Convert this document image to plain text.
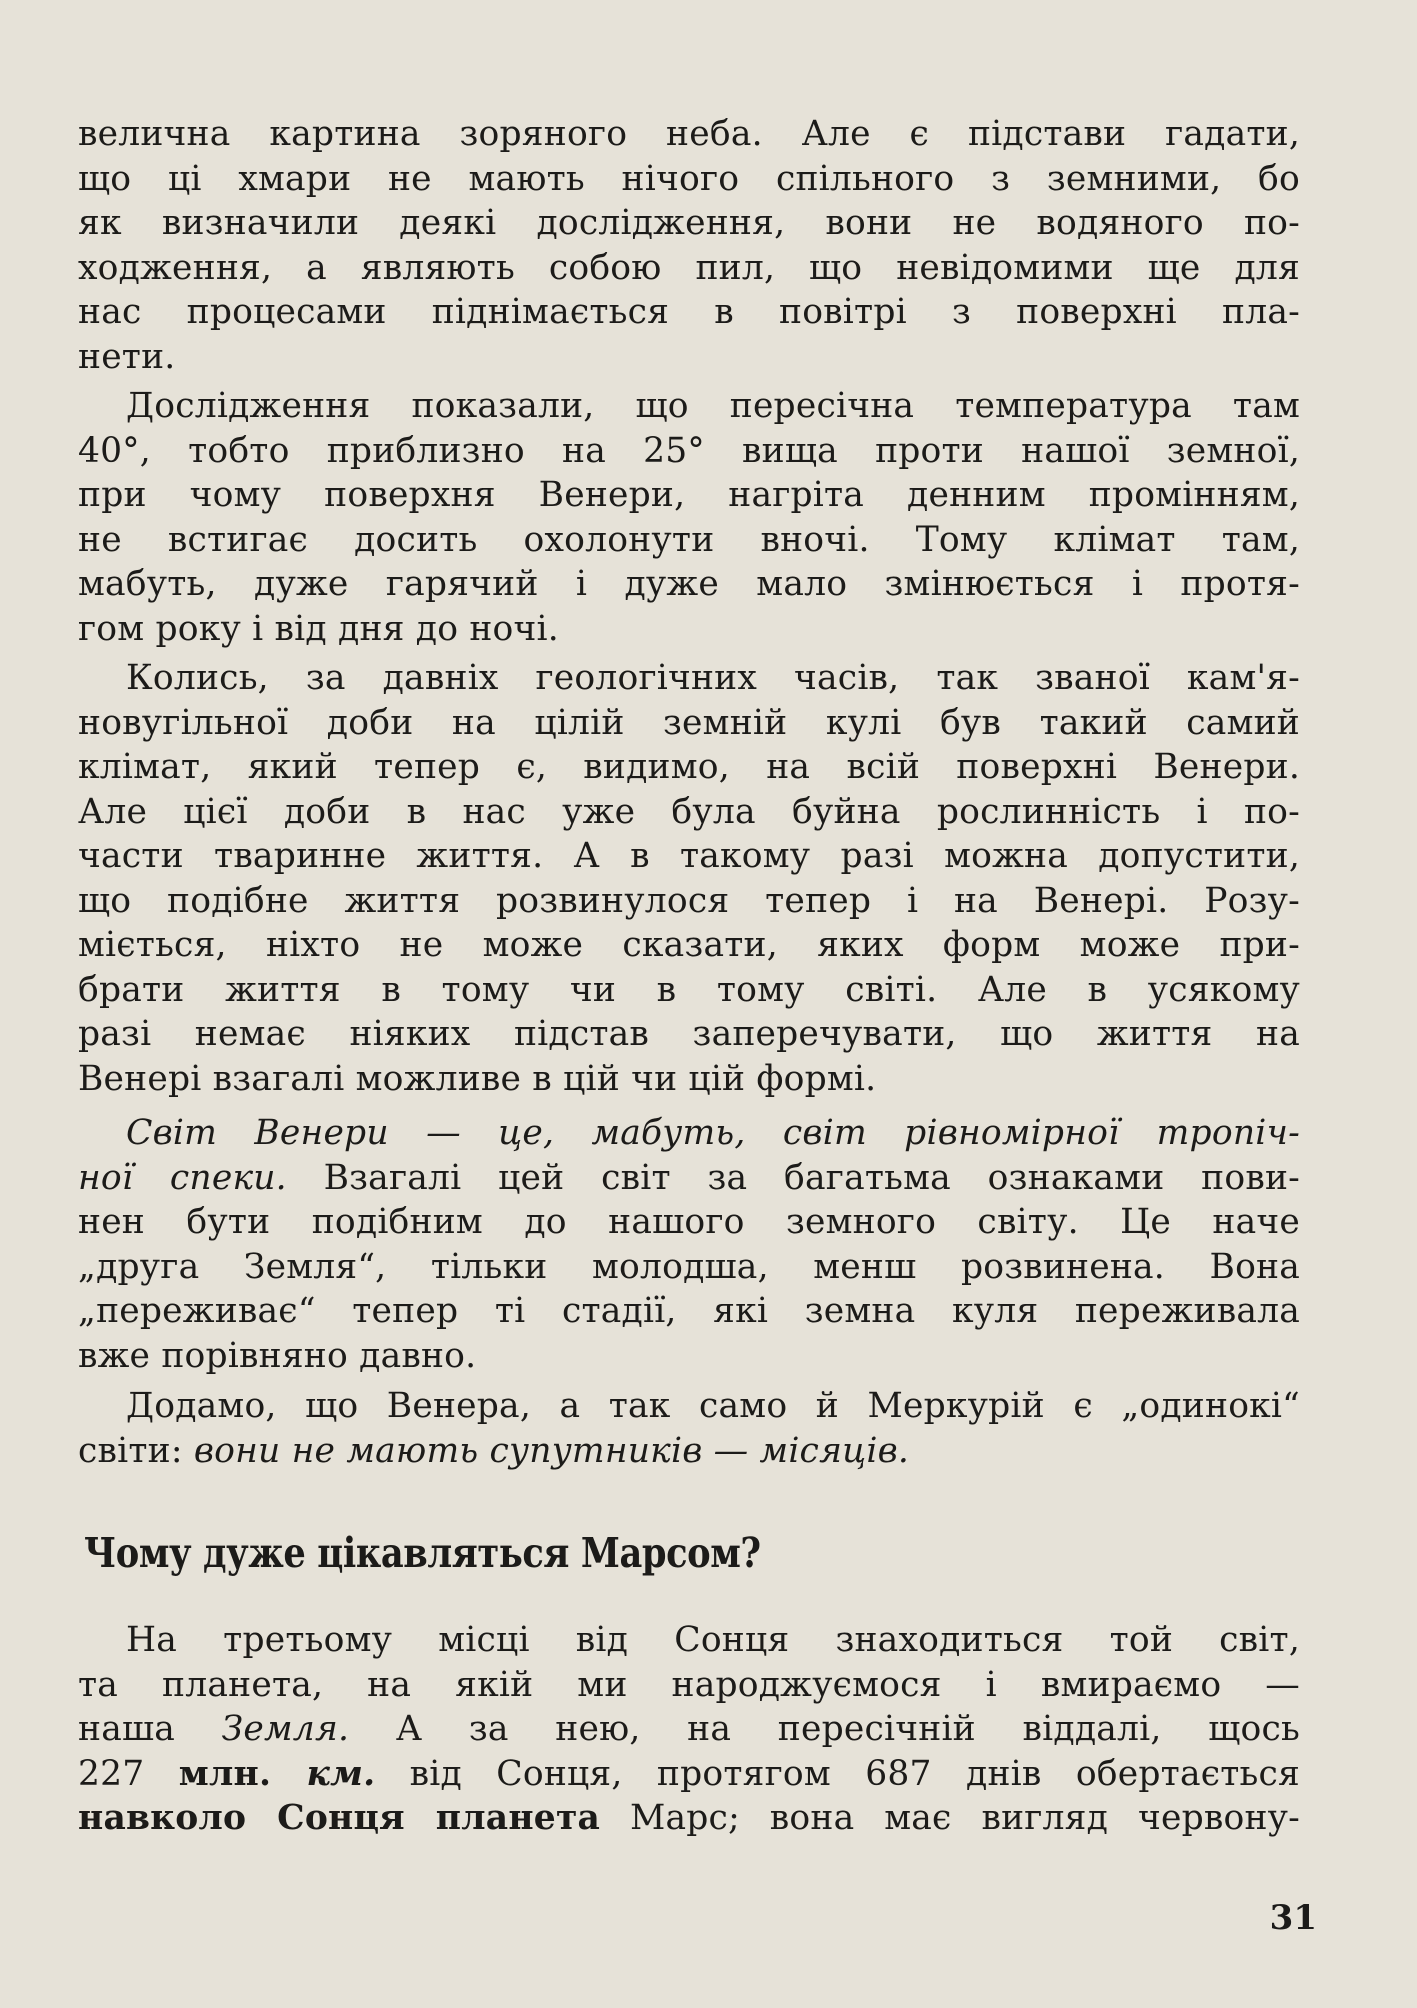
велична картина зоряного неба. Але є підстави гадати,
що ці хмари не мають нічого спільного з земними, бо
як визначили деякі дослідження, вони не водяного по-
ходження, а являють собою пил, що невідомими ще для
нас процесами піднімається в повітрі з поверхні пла-
нети.
Дослідження показали, що пересічна температура там
40°, тобто приблизно на 25° вища проти нашої земної,
при чому поверхня Венери, нагріта денним промінням,
не встигає досить охолонути вночі. Тому клімат там,
мабуть, дуже гарячий і дуже мало змінюється і протя-
гом року і від дня до ночі.
Колись, за давніх геологічних часів, так званої кам'я-
новугільної доби на цілій земній кулі був такий самий
клімат, який тепер є, видимо, на всій поверхні Венери.
Але цієї доби в нас уже була буйна рослинність і по-
части тваринне життя. А в такому разі можна допустити,
що подібне життя розвинулося тепер і на Венері. Розу-
міється, ніхто не може сказати, яких форм може при-
брати життя в тому чи в тому світі. Але в усякому
разі немає ніяких підстав заперечувати, що життя на
Венері взагалі можливе в цій чи цій формі.
Світ Венери — це, мабуть, світ рівномірної тропіч-
ної спеки. Взагалі цей світ за багатьма ознаками пови-
нен бути подібним до нашого земного світу. Це наче
„друга Земля“, тільки молодша, менш розвинена. Вона
„переживає“ тепер ті стадії, які земна куля переживала
вже порівняно давно.
Додамо, що Венера, а так само й Меркурій є „одинокі“
світи: вони не мають супутників — місяців.
Чому дуже цікавляться Марсом?
На третьому місці від Сонця знаходиться той світ,
та планета, на якій ми народжуємося і вмираємо —
наша Земля. А за нею, на пересічній віддалі, щось
227 млн. км. від Сонця, протягом 687 днів обертається
навколо Сонця планета Марс; вона має вигляд червону-
31
